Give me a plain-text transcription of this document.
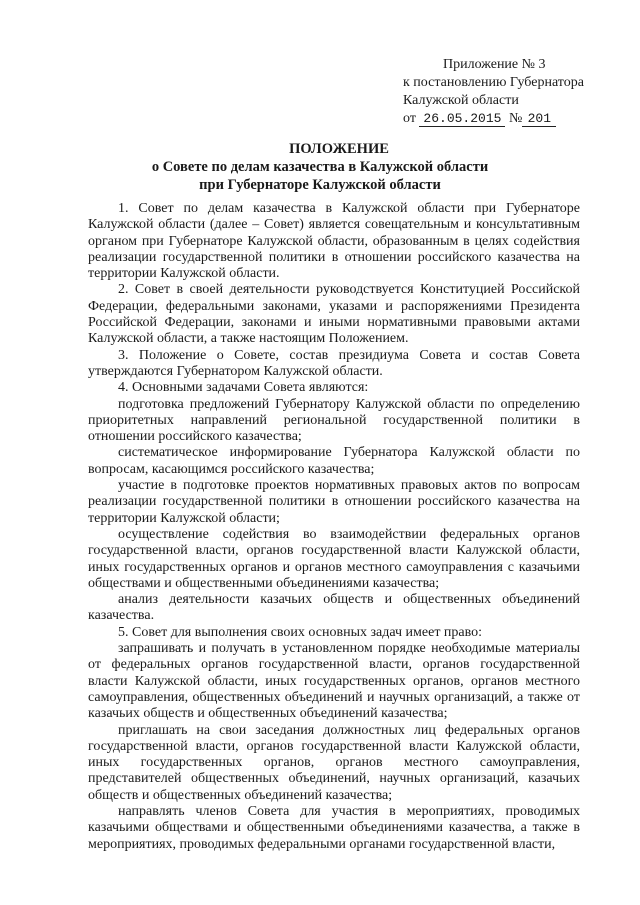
Приложение № 3
к постановлению Губернатора
Калужской области
от 26.05.2015 № 201
ПОЛОЖЕНИЕ
о Совете по делам казачества в Калужской области
при Губернаторе Калужской области

1. Совет по делам казачества в Калужской области при Губернаторе Калужской области (далее – Совет) является совещательным и консультативным органом при Губернаторе Калужской области, образованным в целях содействия реализации государственной политики в отношении российского казачества на территории Калужской области.

2. Совет в своей деятельности руководствуется Конституцией Российской Федерации, федеральными законами, указами и распоряжениями Президента Российской Федерации, законами и иными нормативными правовыми актами Калужской области, а также настоящим Положением.

3. Положение о Совете, состав президиума Совета и состав Совета утверждаются Губернатором Калужской области.

4. Основными задачами Совета являются:

подготовка предложений Губернатору Калужской области по определению приоритетных направлений региональной государственной политики в отношении российского казачества;

систематическое информирование Губернатора Калужской области по вопросам, касающимся российского казачества;

участие в подготовке проектов нормативных правовых актов по вопросам реализации государственной политики в отношении российского казачества на территории Калужской области;

осуществление содействия во взаимодействии федеральных органов государственной власти, органов государственной власти Калужской области, иных государственных органов и органов местного самоуправления с казачьими обществами и общественными объединениями казачества;

анализ деятельности казачьих обществ и общественных объединений казачества.

5. Совет для выполнения своих основных задач имеет право:

запрашивать и получать в установленном порядке необходимые материалы от федеральных органов государственной власти, органов государственной власти Калужской области, иных государственных органов, органов местного самоуправления, общественных объединений и научных организаций, а также от казачьих обществ и общественных объединений казачества;

приглашать на свои заседания должностных лиц федеральных органов государственной власти, органов государственной власти Калужской области, иных государственных органов, органов местного самоуправления, представителей общественных объединений, научных организаций, казачьих обществ и общественных объединений казачества;

направлять членов Совета для участия в мероприятиях, проводимых казачьими обществами и общественными объединениями казачества, а также в мероприятиях, проводимых федеральными органами государственной власти,
